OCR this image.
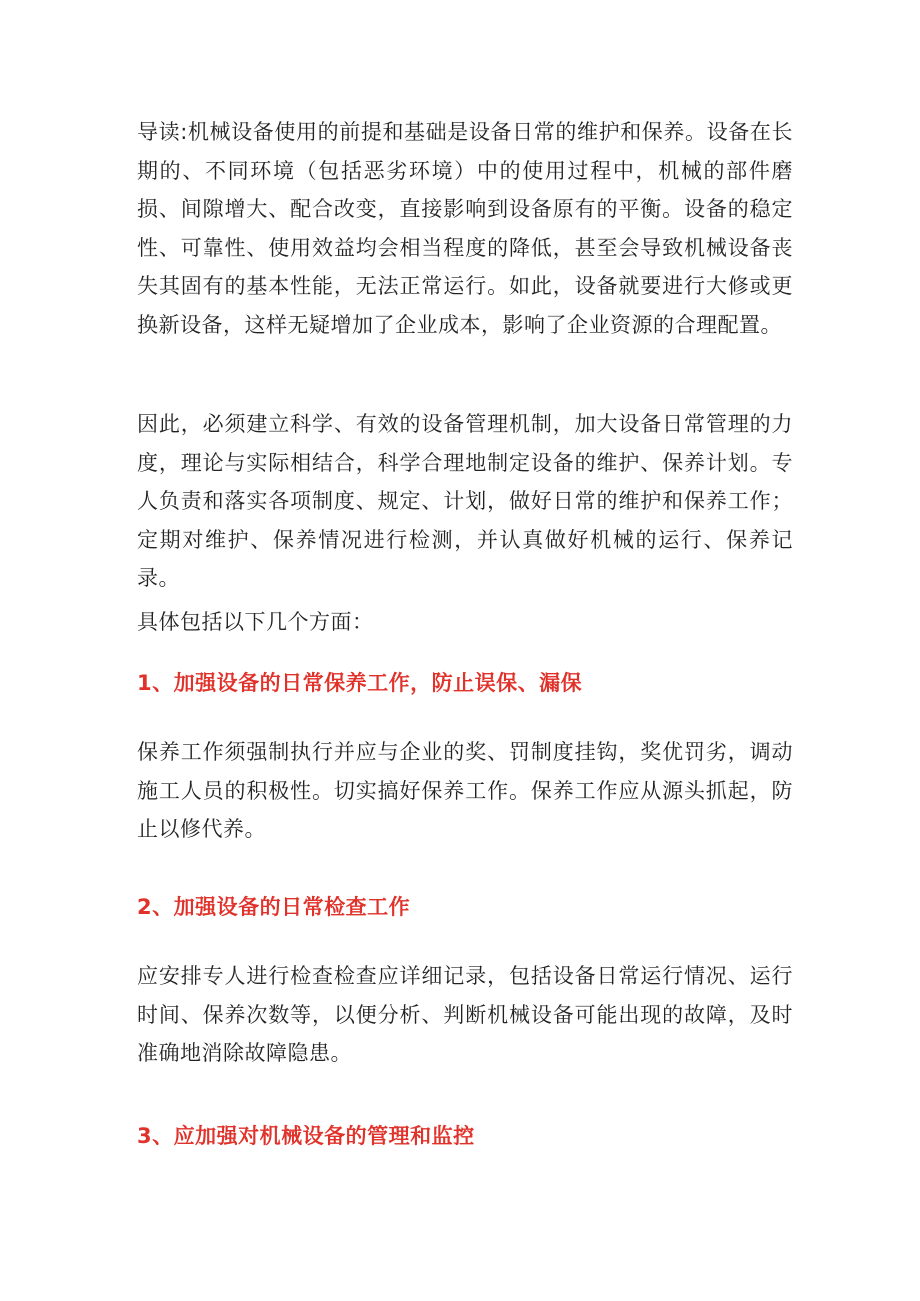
导读:机械设备使用的前提和基础是设备日常的维护和保养。设备在长期的、不同环境（包括恶劣环境）中的使用过程中，机械的部件磨损、间隙增大、配合改变，直接影响到设备原有的平衡。设备的稳定性、可靠性、使用效益均会相当程度的降低，甚至会导致机械设备丧失其固有的基本性能，无法正常运行。如此，设备就要进行大修或更换新设备，这样无疑增加了企业成本，影响了企业资源的合理配置。

因此，必须建立科学、有效的设备管理机制，加大设备日常管理的力度，理论与实际相结合，科学合理地制定设备的维护、保养计划。专人负责和落实各项制度、规定、计划，做好日常的维护和保养工作；定期对维护、保养情况进行检测，并认真做好机械的运行、保养记录。

具体包括以下几个方面：

1、加强设备的日常保养工作，防止误保、漏保

保养工作须强制执行并应与企业的奖、罚制度挂钩，奖优罚劣，调动施工人员的积极性。切实搞好保养工作。保养工作应从源头抓起，防止以修代养。

2、加强设备的日常检查工作

应安排专人进行检查检查应详细记录，包括设备日常运行情况、运行时间、保养次数等，以便分析、判断机械设备可能出现的故障，及时准确地消除故障隐患。

3、应加强对机械设备的管理和监控
